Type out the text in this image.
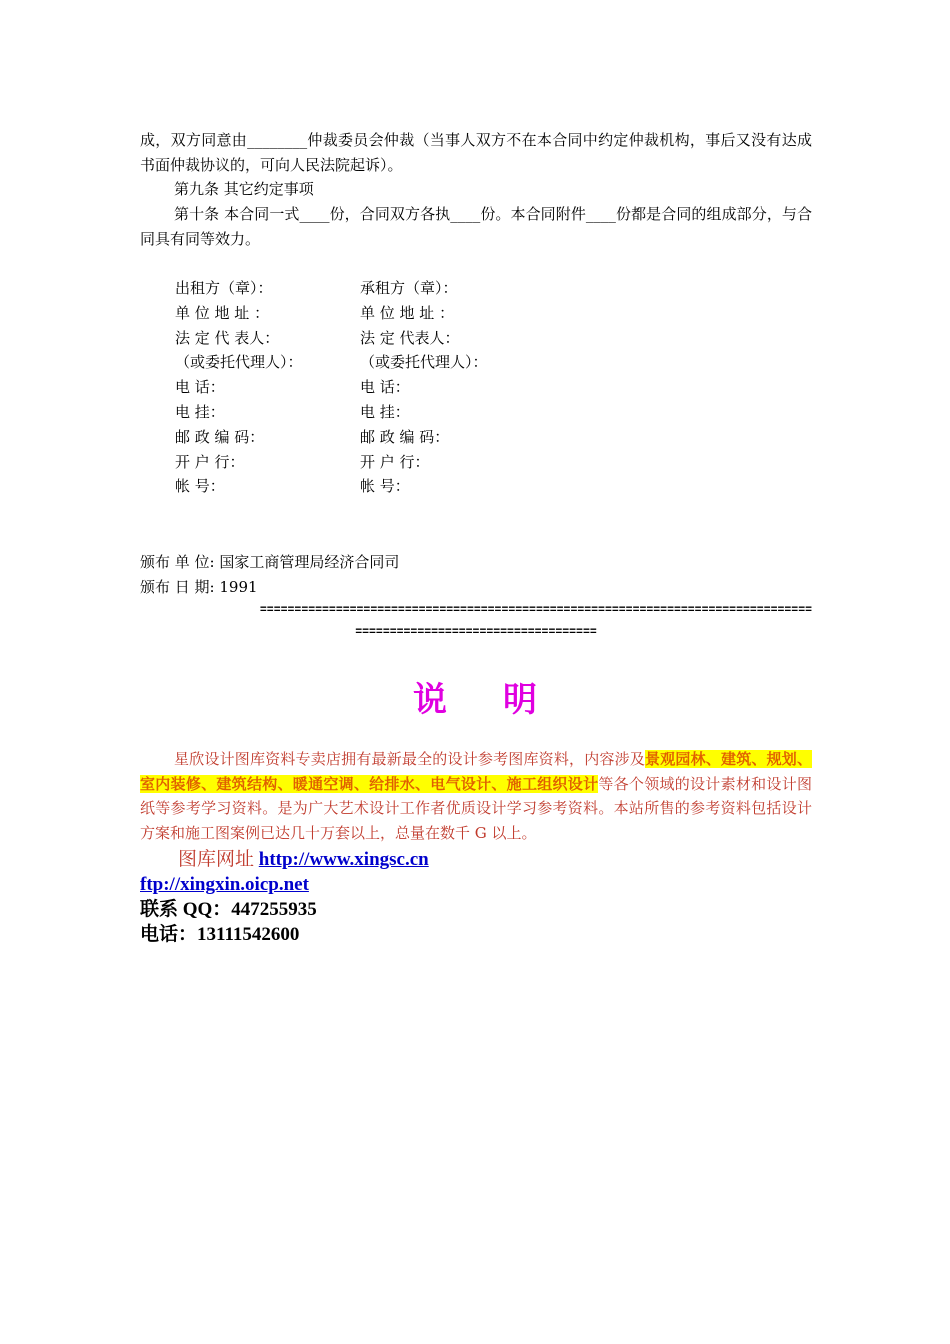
成，双方同意由________仲裁委员会仲裁（当事人双方不在本合同中约定仲裁机构，事后又没有达成书面仲裁协议的，可向人民法院起诉）。
第九条 其它约定事项
第十条 本合同一式____份，合同双方各执____份。本合同附件____份都是合同的组成部分，与合同具有同等效力。
出租方（章）：	承租方（章）：
单 位 地 址 ：	单 位 地 址 ：
法 定 代 表人：	法 定 代表人：
（或委托代理人）：	（或委托代理人）：
电 话：	电 话：
电 挂：	电 挂：
邮 政 编 码：	邮 政 编 码：
开 户 行：	开 户 行：
帐 号：	帐 号：
颁布 单 位: 国家工商管理局经济合同司
颁布 日 期: 1991
================================================================================
===================================
说明
星欣设计图库资料专卖店拥有最新最全的设计参考图库资料，内容涉及景观园林、建筑、规划、室内装修、建筑结构、暖通空调、给排水、电气设计、施工组织设计等各个领域的设计素材和设计图纸等参考学习资料。是为广大艺术设计工作者优质设计学习参考资料。本站所售的参考资料包括设计方案和施工图案例已达几十万套以上，总量在数千 G 以上。
图库网址 http://www.xingsc.cn
ftp://xingxin.oicp.net
联系 QQ：447255935
电话：13111542600
